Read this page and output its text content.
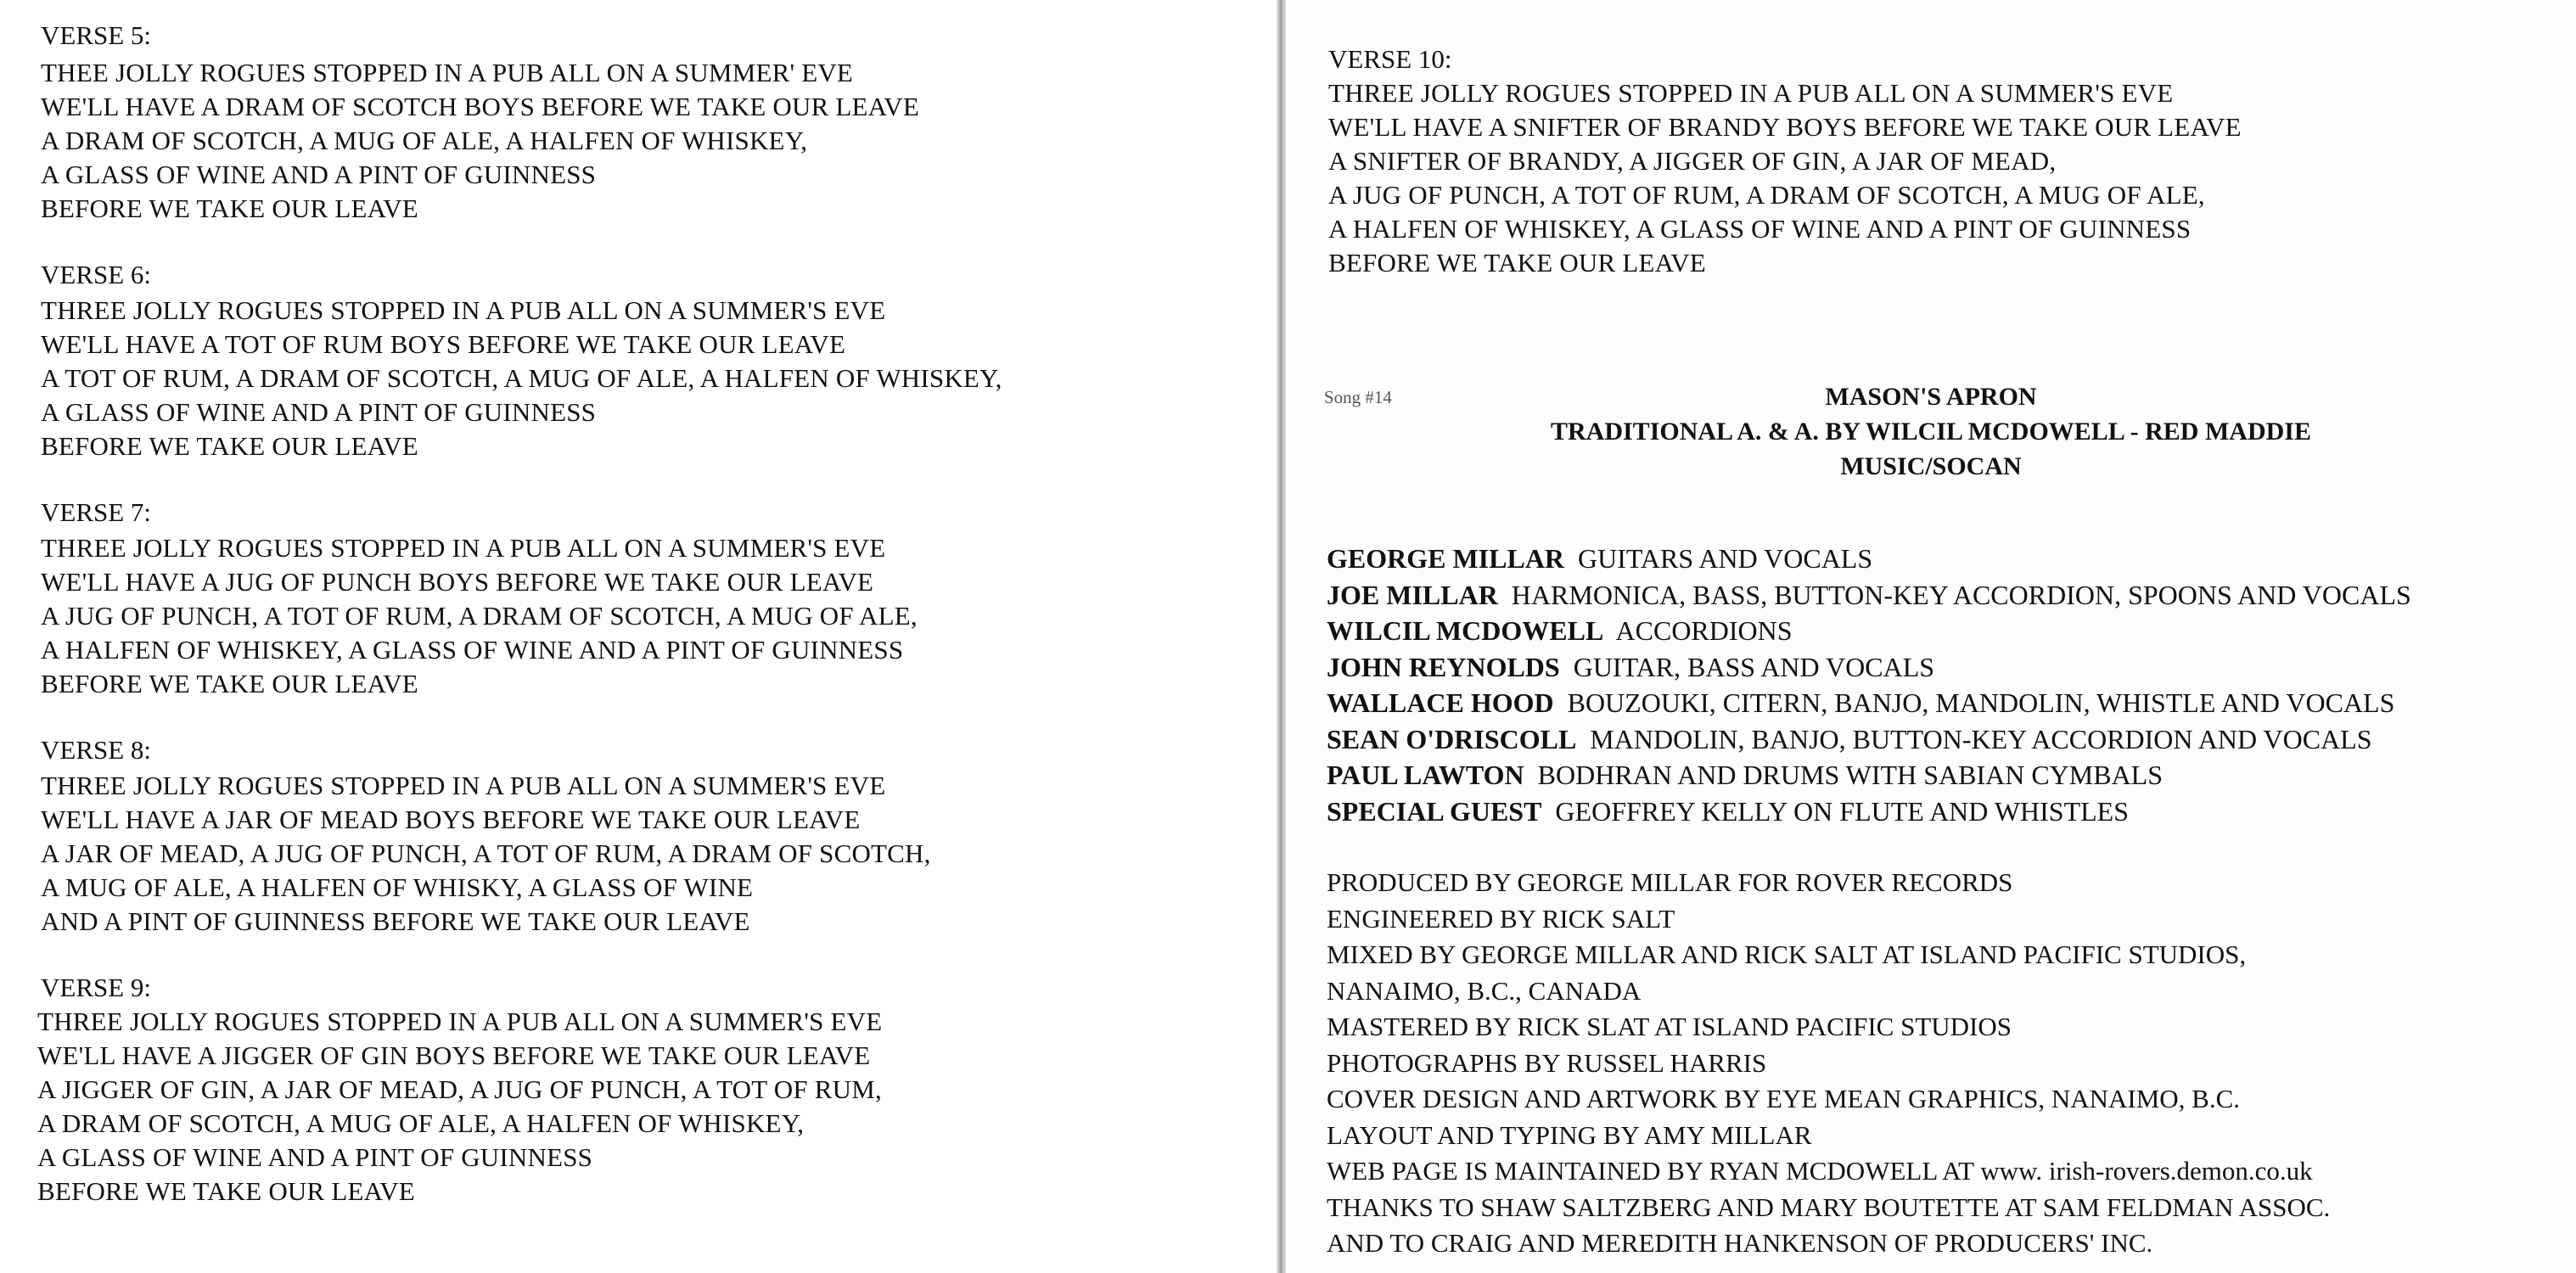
VERSE 5:
THEE JOLLY ROGUES STOPPED IN A PUB ALL ON A SUMMER' EVE
WE'LL HAVE A DRAM OF SCOTCH BOYS BEFORE WE TAKE OUR LEAVE
A DRAM OF SCOTCH, A MUG OF ALE, A HALFEN OF WHISKEY,
A GLASS OF WINE AND A PINT OF GUINNESS
BEFORE WE TAKE OUR LEAVE
VERSE 6:
THREE JOLLY ROGUES STOPPED IN A PUB ALL ON A SUMMER'S EVE
WE'LL HAVE A TOT OF RUM BOYS BEFORE WE TAKE OUR LEAVE
A TOT OF RUM, A DRAM OF SCOTCH, A MUG OF ALE, A HALFEN OF WHISKEY,
A GLASS OF WINE AND A PINT OF GUINNESS
BEFORE WE TAKE OUR LEAVE
VERSE 7:
THREE JOLLY ROGUES STOPPED IN A PUB ALL ON A SUMMER'S EVE
WE'LL HAVE A JUG OF PUNCH BOYS BEFORE WE TAKE OUR LEAVE
A JUG OF PUNCH, A TOT OF RUM, A DRAM OF SCOTCH, A MUG OF ALE,
A HALFEN OF WHISKEY, A GLASS OF WINE AND A PINT OF GUINNESS
BEFORE WE TAKE OUR LEAVE
VERSE 8:
THREE JOLLY ROGUES STOPPED IN A PUB ALL ON A SUMMER'S EVE
WE'LL HAVE A JAR OF MEAD BOYS BEFORE WE TAKE OUR LEAVE
A JAR OF MEAD, A JUG OF PUNCH, A TOT OF RUM, A DRAM OF SCOTCH,
A MUG OF ALE, A HALFEN OF WHISKY, A GLASS OF WINE
AND A PINT OF GUINNESS BEFORE WE TAKE OUR LEAVE
VERSE 9:
THREE JOLLY ROGUES STOPPED IN A PUB ALL ON A SUMMER'S EVE
WE'LL HAVE A JIGGER OF GIN BOYS BEFORE WE TAKE OUR LEAVE
A JIGGER OF GIN, A JAR OF MEAD, A JUG OF PUNCH, A TOT OF RUM,
A DRAM OF SCOTCH, A MUG OF ALE, A HALFEN OF WHISKEY,
A GLASS OF WINE AND A PINT OF GUINNESS
BEFORE WE TAKE OUR LEAVE
VERSE 10:
THREE JOLLY ROGUES STOPPED IN A PUB ALL ON A SUMMER'S EVE
WE'LL HAVE A SNIFTER OF BRANDY BOYS BEFORE WE TAKE OUR LEAVE
A SNIFTER OF BRANDY, A JIGGER OF GIN, A JAR OF MEAD,
A JUG OF PUNCH, A TOT OF RUM, A DRAM OF SCOTCH, A MUG OF ALE,
A HALFEN OF WHISKEY, A GLASS OF WINE AND A PINT OF GUINNESS
BEFORE WE TAKE OUR LEAVE
Song #14	MASON'S APRON
TRADITIONAL A. & A. BY WILCIL MCDOWELL - RED MADDIE
MUSIC/SOCAN
GEORGE MILLAR GUITARS AND VOCALS
JOE MILLAR HARMONICA, BASS, BUTTON-KEY ACCORDION, SPOONS AND VOCALS
WILCIL MCDOWELL ACCORDIONS
JOHN REYNOLDS GUITAR, BASS AND VOCALS
WALLACE HOOD BOUZOUKI, CITERN, BANJO, MANDOLIN, WHISTLE AND VOCALS
SEAN O'DRISCOLL MANDOLIN, BANJO, BUTTON-KEY ACCORDION AND VOCALS
PAUL LAWTON BODHRAN AND DRUMS WITH SABIAN CYMBALS
SPECIAL GUEST GEOFFREY KELLY ON FLUTE AND WHISTLES
PRODUCED BY GEORGE MILLAR FOR ROVER RECORDS
ENGINEERED BY RICK SALT
MIXED BY GEORGE MILLAR AND RICK SALT AT ISLAND PACIFIC STUDIOS,
NANAIMO, B.C., CANADA
MASTERED BY RICK SLAT AT ISLAND PACIFIC STUDIOS
PHOTOGRAPHS BY RUSSEL HARRIS
COVER DESIGN AND ARTWORK BY EYE MEAN GRAPHICS, NANAIMO, B.C.
LAYOUT AND TYPING BY AMY MILLAR
WEB PAGE IS MAINTAINED BY RYAN MCDOWELL AT www. irish-rovers.demon.co.uk
THANKS TO SHAW SALTZBERG AND MARY BOUTETTE AT SAM FELDMAN ASSOC.
AND TO CRAIG AND MEREDITH HANKENSON OF PRODUCERS' INC.
